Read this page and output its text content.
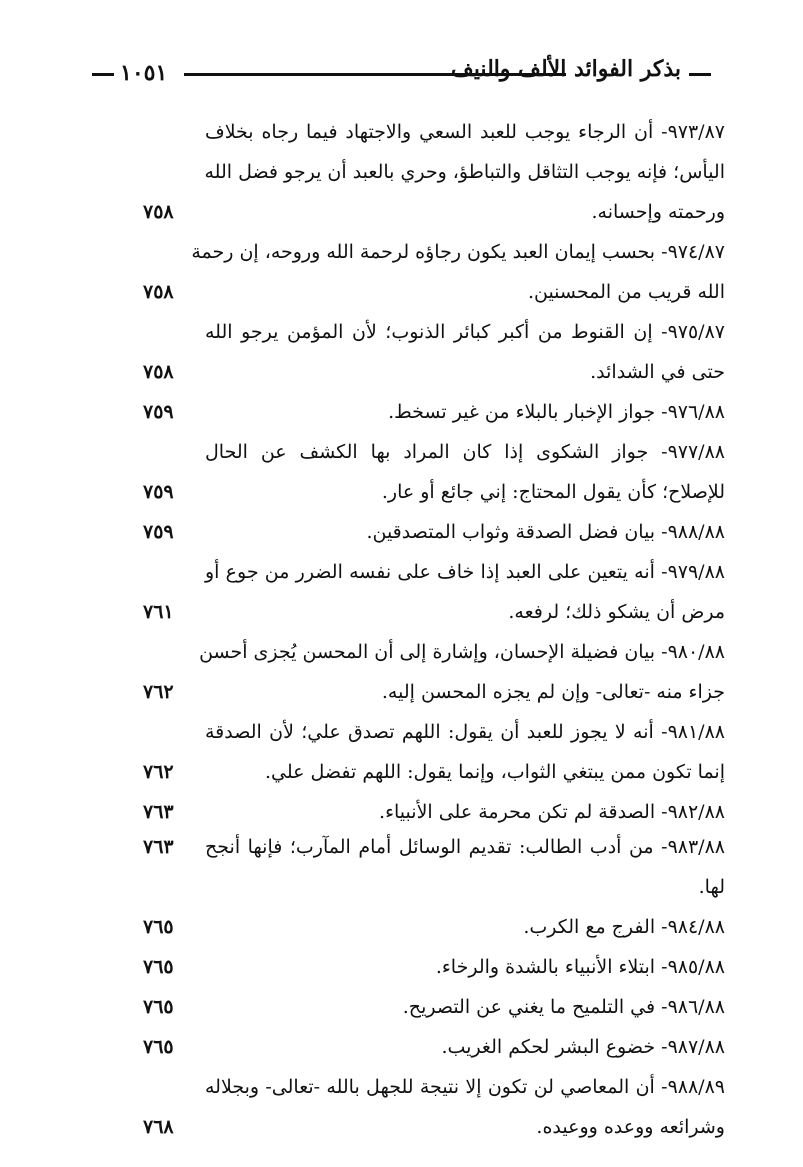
١٠٥١	بذكر الفوائد الألف والنيف
٩٧٣/٨٧- أن الرجاء يوجب للعبد السعي والاجتهاد فيما رجاه بخلاف
اليأس؛ فإنه يوجب التثاقل والتباطؤ، وحري بالعبد أن يرجو فضل الله
ورحمته وإحسانه.
٧٥٨
٩٧٤/٨٧- بحسب إيمان العبد يكون رجاؤه لرحمة الله وروحه، إن رحمة
الله قريب من المحسنين.
٧٥٨
٩٧٥/٨٧- إن القنوط من أكبر كبائر الذنوب؛ لأن المؤمن يرجو الله
حتى في الشدائد.
٧٥٨
٩٧٦/٨٨- جواز الإخبار بالبلاء من غير تسخط.
٧٥٩
٩٧٧/٨٨- جواز الشكوى إذا كان المراد بها الكشف عن الحال
للإصلاح؛ كأن يقول المحتاج: إني جائع أو عار.
٧٥٩
٩٨٨/٨٨- بيان فضل الصدقة وثواب المتصدقين.
٧٥٩
٩٧٩/٨٨- أنه يتعين على العبد إذا خاف على نفسه الضرر من جوع أو
مرض أن يشكو ذلك؛ لرفعه.
٧٦١
٩٨٠/٨٨- بيان فضيلة الإحسان، وإشارة إلى أن المحسن يُجزى أحسن
جزاء منه -تعالى- وإن لم يجزه المحسن إليه.
٧٦٢
٩٨١/٨٨- أنه لا يجوز للعبد أن يقول: اللهم تصدق علي؛ لأن الصدقة
إنما تكون ممن يبتغي الثواب، وإنما يقول: اللهم تفضل علي.
٧٦٢
٩٨٢/٨٨- الصدقة لم تكن محرمة على الأنبياء.
٧٦٣
٩٨٣/٨٨- من أدب الطالب: تقديم الوسائل أمام المآرب؛ فإنها أنجح
٧٦٣
لها.
٩٨٤/٨٨- الفرج مع الكرب.
٧٦٥
٩٨٥/٨٨- ابتلاء الأنبياء بالشدة والرخاء.
٧٦٥
٩٨٦/٨٨- في التلميح ما يغني عن التصريح.
٧٦٥
٩٨٧/٨٨- خضوع البشر لحكم الغريب.
٧٦٥
٩٨٨/٨٩- أن المعاصي لن تكون إلا نتيجة للجهل بالله -تعالى- وبجلاله
وشرائعه ووعده ووعيده.
٧٦٨
